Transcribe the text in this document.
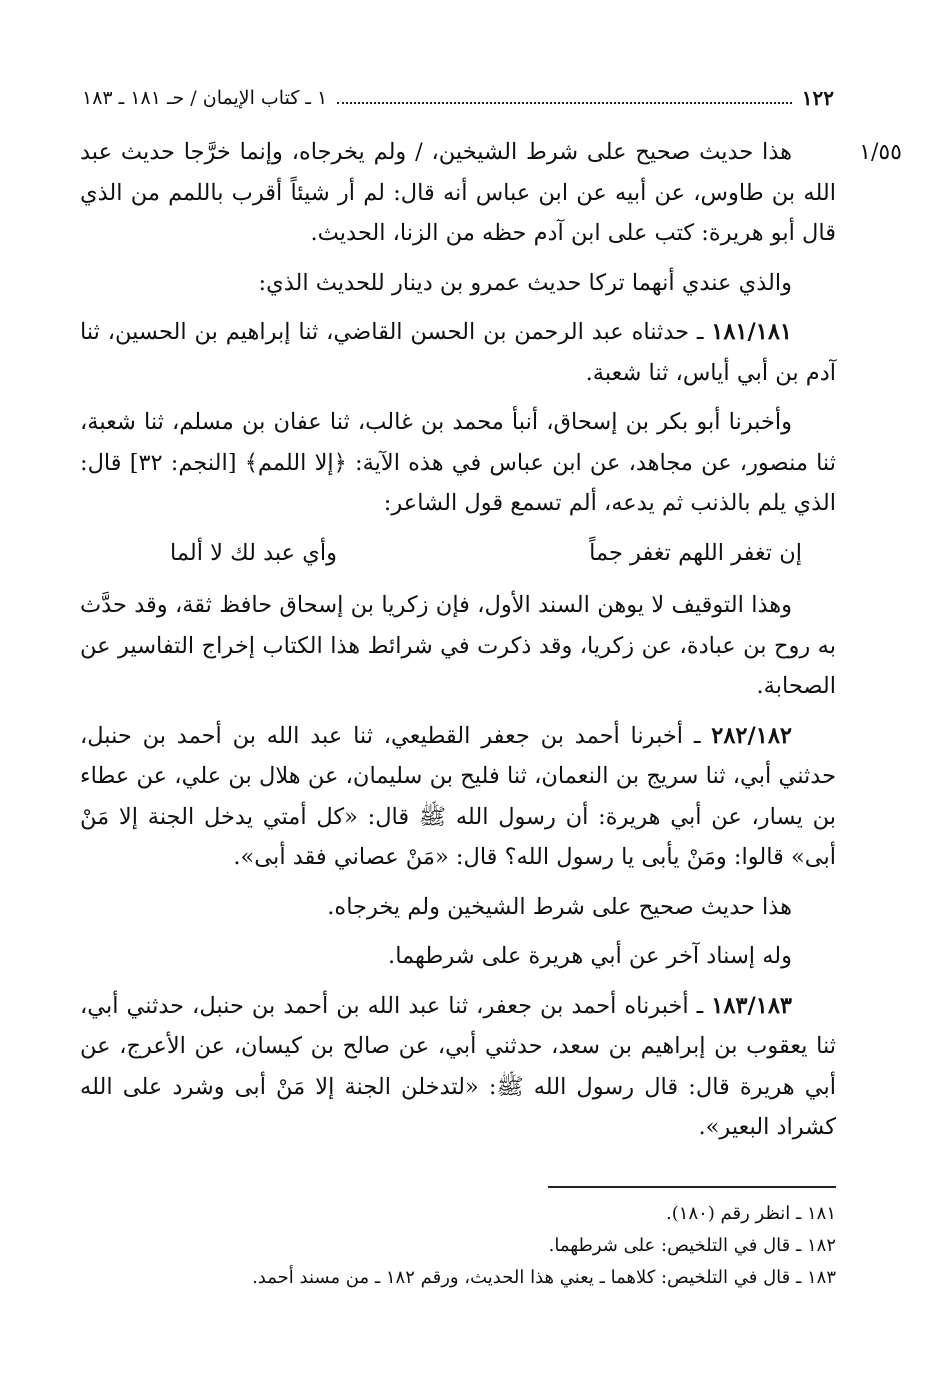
١٢٢
١ ـ كتاب الإيمان / حـ ١٨١ ـ ١٨٣
١/٥٥

هذا حديث صحيح على شرط الشيخين، / ولم يخرجاه، وإنما خرَّجا حديث عبد الله بن طاوس، عن أبيه عن ابن عباس أنه قال: لم أر شيئاً أقرب باللمم من الذي قال أبو هريرة: كتب على ابن آدم حظه من الزنا، الحديث.

والذي عندي أنهما تركا حديث عمرو بن دينار للحديث الذي:

١٨١/١٨١ ـ حدثناه عبد الرحمن بن الحسن القاضي، ثنا إبراهيم بن الحسين، ثنا آدم بن أبي أياس، ثنا شعبة.

وأخبرنا أبو بكر بن إسحاق، أنبأ محمد بن غالب، ثنا عفان بن مسلم، ثنا شعبة، ثنا منصور، عن مجاهد، عن ابن عباس في هذه الآية: ﴿إلا اللمم﴾ [النجم: ٣٢] قال: الذي يلم بالذنب ثم يدعه، ألم تسمع قول الشاعر:

إن تغفر اللهم تغفر جماً
وأي عبد لك لا ألما

وهذا التوقيف لا يوهن السند الأول، فإن زكريا بن إسحاق حافظ ثقة، وقد حدَّث به روح بن عبادة، عن زكريا، وقد ذكرت في شرائط هذا الكتاب إخراج التفاسير عن الصحابة.

٢٨٢/١٨٢ ـ أخبرنا أحمد بن جعفر القطيعي، ثنا عبد الله بن أحمد بن حنبل، حدثني أبي، ثنا سريج بن النعمان، ثنا فليح بن سليمان، عن هلال بن علي، عن عطاء بن يسار، عن أبي هريرة: أن رسول الله ﷺ قال: «كل أمتي يدخل الجنة إلا مَنْ أبى» قالوا: ومَنْ يأبى يا رسول الله؟ قال: «مَنْ عصاني فقد أبى».

هذا حديث صحيح على شرط الشيخين ولم يخرجاه.

وله إسناد آخر عن أبي هريرة على شرطهما.

١٨٣/١٨٣ ـ أخبرناه أحمد بن جعفر، ثنا عبد الله بن أحمد بن حنبل، حدثني أبي، ثنا يعقوب بن إبراهيم بن سعد، حدثني أبي، عن صالح بن كيسان، عن الأعرج، عن أبي هريرة قال: قال رسول الله ﷺ: «لتدخلن الجنة إلا مَنْ أبى وشرد على الله كشراد البعير».

١٨١ ـ انظر رقم (١٨٠).
١٨٢ ـ قال في التلخيص: على شرطهما.
١٨٣ ـ قال في التلخيص: كلاهما ـ يعني هذا الحديث، ورقم ١٨٢ ـ من مسند أحمد.
